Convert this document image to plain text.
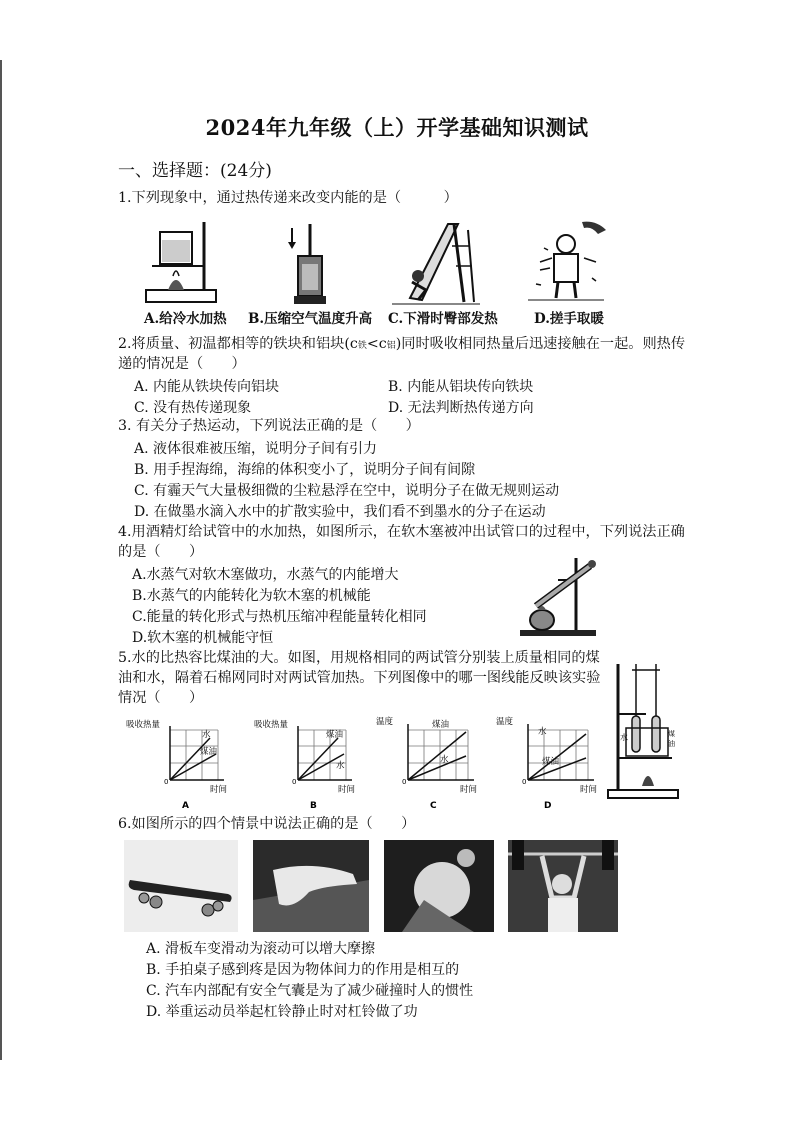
2024年九年级（上）开学基础知识测试
一、选择题：(24分)
1.下列现象中，通过热传递来改变内能的是（　　　）
A.给冷水加热 B.压缩空气温度升高 C.下滑时臀部发热	D.搓手取暖
2.将质量、初温都相等的铁块和铝块(c铁<c铝)同时吸收相同热量后迅速接触在一起。则热传
递的情况是（　　）
A. 内能从铁块传向铝块	B. 内能从铝块传向铁块
C. 没有热传递现象	D. 无法判断热传递方向
3. 有关分子热运动，下列说法正确的是（　　）
A. 液体很难被压缩，说明分子间有引力
B. 用手捏海绵，海绵的体积变小了，说明分子间有间隙
C. 有霾天气大量极细微的尘粒悬浮在空中，说明分子在做无规则运动
D. 在做墨水滴入水中的扩散实验中，我们看不到墨水的分子在运动
4.用酒精灯给试管中的水加热，如图所示，在软木塞被冲出试管口的过程中，下列说法正确
的是（　　）
A.水蒸气对软木塞做功，水蒸气的内能增大
B.水蒸气的内能转化为软木塞的机械能
C.能量的转化形式与热机压缩冲程能量转化相同
D.软木塞的机械能守恒
5.水的比热容比煤油的大。如图，用规格相同的两试管分别装上质量相同的煤
油和水，隔着石棉网同时对两试管加热。下列图像中的哪一图线能反映该实验
情况（　　）
吸收热量
水
煤油
时间
0
A
吸收热量
煤油
水
时间
0
B
温度	煤油
水
时间
0
C
温度
水
煤油
时间
0
D
水	煤
油
6.如图所示的四个情景中说法正确的是（　　）
A. 滑板车变滑动为滚动可以增大摩擦
B. 手拍桌子感到疼是因为物体间力的作用是相互的
C. 汽车内部配有安全气囊是为了减少碰撞时人的惯性
D. 举重运动员举起杠铃静止时对杠铃做了功
